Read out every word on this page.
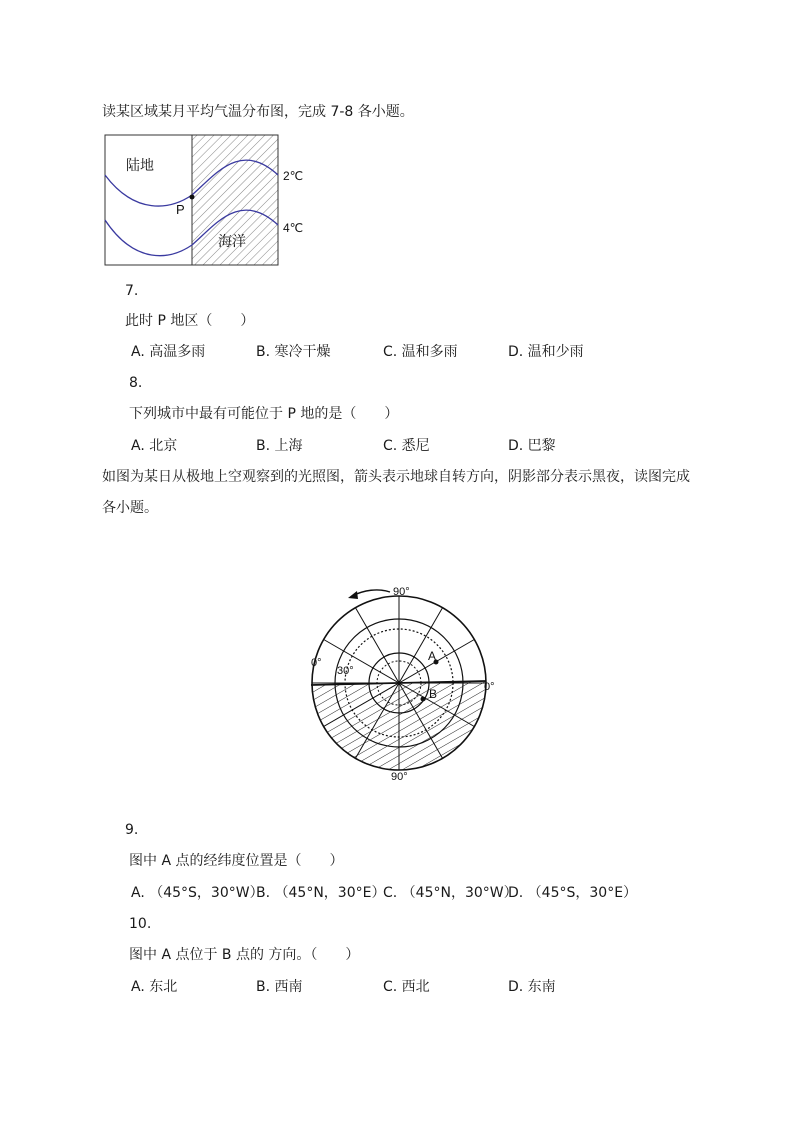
读某区域某月平均气温分布图，完成 7-8 各小题。
陆地
海洋
P
2℃
4℃
7.
此时 P 地区（　　）
A. 高温多雨	B. 寒冷干燥	C. 温和多雨	D. 温和少雨
8.
下列城市中最有可能位于 P 地的是（　　）
A. 北京	B. 上海	C. 悉尼	D. 巴黎
如图为某日从极地上空观察到的光照图，箭头表示地球自转方向，阴影部分表示黑夜，读图完成
各小题。
90°
90°
0°
0°
30°
A
B
9.
图中 A 点的经纬度位置是（　　）
A. （45°S，30°W）
B. （45°N，30°E）
C. （45°N，30°W）
D. （45°S，30°E）
10.
图中 A 点位于 B 点的 方向。（　　）
A. 东北	B. 西南	C. 西北	D. 东南
